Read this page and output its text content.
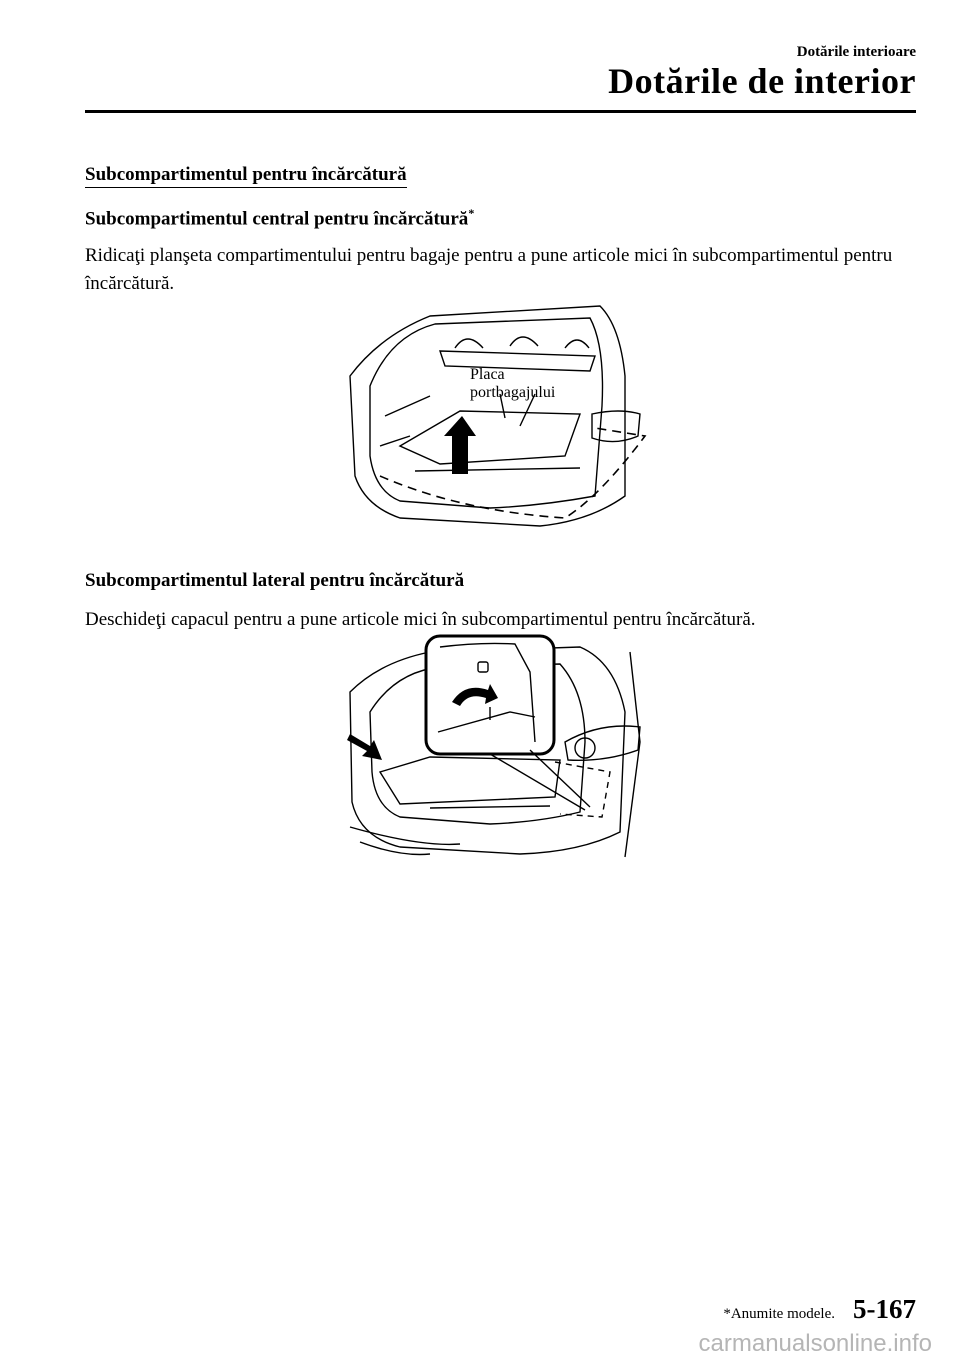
Dotările interioare
Dotările de interior
Subcompartimentul pentru încărcătură
Subcompartimentul central pentru încărcătură*
Ridicaţi planşeta compartimentului pentru bagaje pentru a pune articole mici în subcompartimentul pentru încărcătură.
Placa
portbagajului
Subcompartimentul lateral pentru încărcătură
Deschideţi capacul pentru a pune articole mici în subcompartimentul pentru încărcătură.
*Anumite modele. 5-167
carmanualsonline.info
